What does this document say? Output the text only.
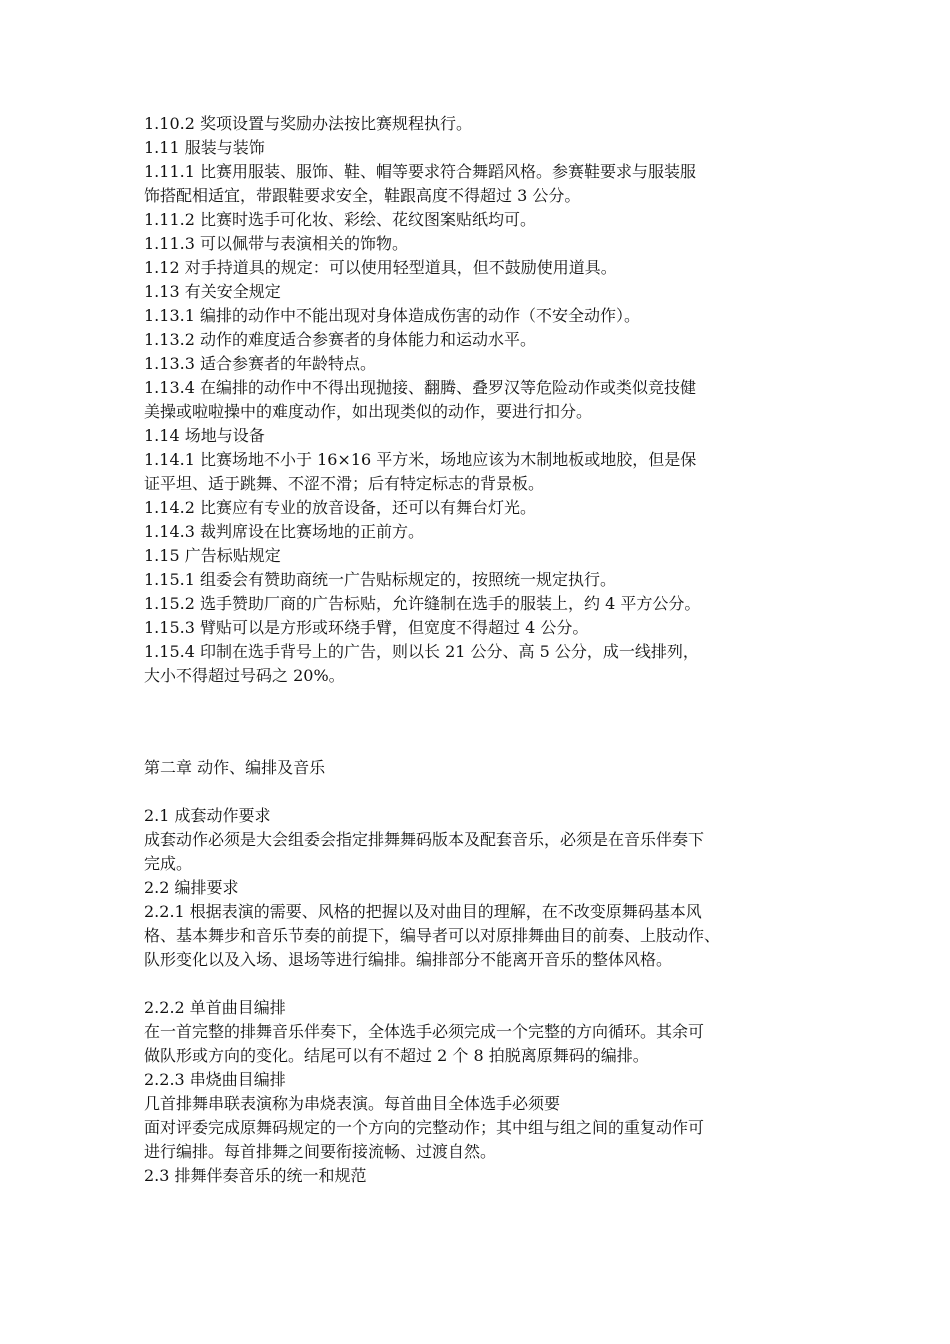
1.10.2 奖项设置与奖励办法按比赛规程执行。
1.11 服装与装饰
1.11.1 比赛用服装、服饰、鞋、帽等要求符合舞蹈风格。参赛鞋要求与服装服
饰搭配相适宜，带跟鞋要求安全，鞋跟高度不得超过 3 公分。
1.11.2 比赛时选手可化妆、彩绘、花纹图案贴纸均可。
1.11.3 可以佩带与表演相关的饰物。
1.12 对手持道具的规定：可以使用轻型道具，但不鼓励使用道具。
1.13 有关安全规定
1.13.1 编排的动作中不能出现对身体造成伤害的动作（不安全动作）。
1.13.2 动作的难度适合参赛者的身体能力和运动水平。
1.13.3 适合参赛者的年龄特点。
1.13.4 在编排的动作中不得出现抛接、翻腾、叠罗汉等危险动作或类似竞技健
美操或啦啦操中的难度动作，如出现类似的动作，要进行扣分。
1.14 场地与设备
1.14.1 比赛场地不小于 16×16 平方米，场地应该为木制地板或地胶，但是保
证平坦、适于跳舞、不涩不滑；后有特定标志的背景板。
1.14.2 比赛应有专业的放音设备，还可以有舞台灯光。
1.14.3 裁判席设在比赛场地的正前方。
1.15 广告标贴规定
1.15.1 组委会有赞助商统一广告贴标规定的，按照统一规定执行。
1.15.2 选手赞助厂商的广告标贴，允许缝制在选手的服装上，约 4 平方公分。
1.15.3 臂贴可以是方形或环绕手臂，但宽度不得超过 4 公分。
1.15.4 印制在选手背号上的广告，则以长 21 公分、高 5 公分，成一线排列，
大小不得超过号码之 20%。
第二章 动作、编排及音乐
2.1 成套动作要求
成套动作必须是大会组委会指定排舞舞码版本及配套音乐，必须是在音乐伴奏下
完成。
2.2 编排要求
2.2.1 根据表演的需要、风格的把握以及对曲目的理解，在不改变原舞码基本风
格、基本舞步和音乐节奏的前提下，编导者可以对原排舞曲目的前奏、上肢动作、
队形变化以及入场、退场等进行编排。编排部分不能离开音乐的整体风格。
2.2.2 单首曲目编排
在一首完整的排舞音乐伴奏下，全体选手必须完成一个完整的方向循环。其余可
做队形或方向的变化。结尾可以有不超过 2 个 8 拍脱离原舞码的编排。
2.2.3 串烧曲目编排
几首排舞串联表演称为串烧表演。每首曲目全体选手必须要
面对评委完成原舞码规定的一个方向的完整动作；其中组与组之间的重复动作可
进行编排。每首排舞之间要衔接流畅、过渡自然。
2.3 排舞伴奏音乐的统一和规范
